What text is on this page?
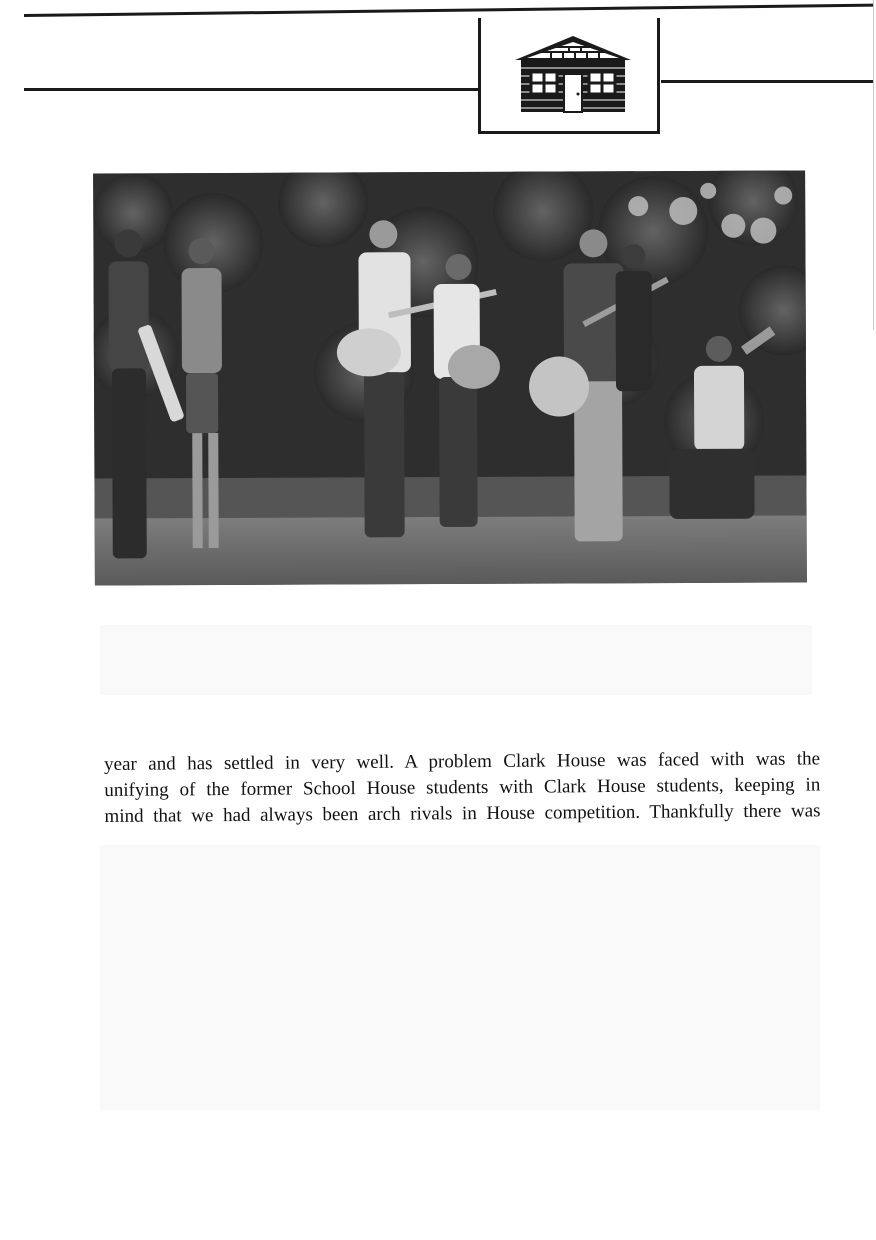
year and has settled in very well. A problem Clark House was faced with was the

unifying of the former School House students with Clark House students, keeping in

mind that we had always been arch rivals in House competition. Thankfully there was
